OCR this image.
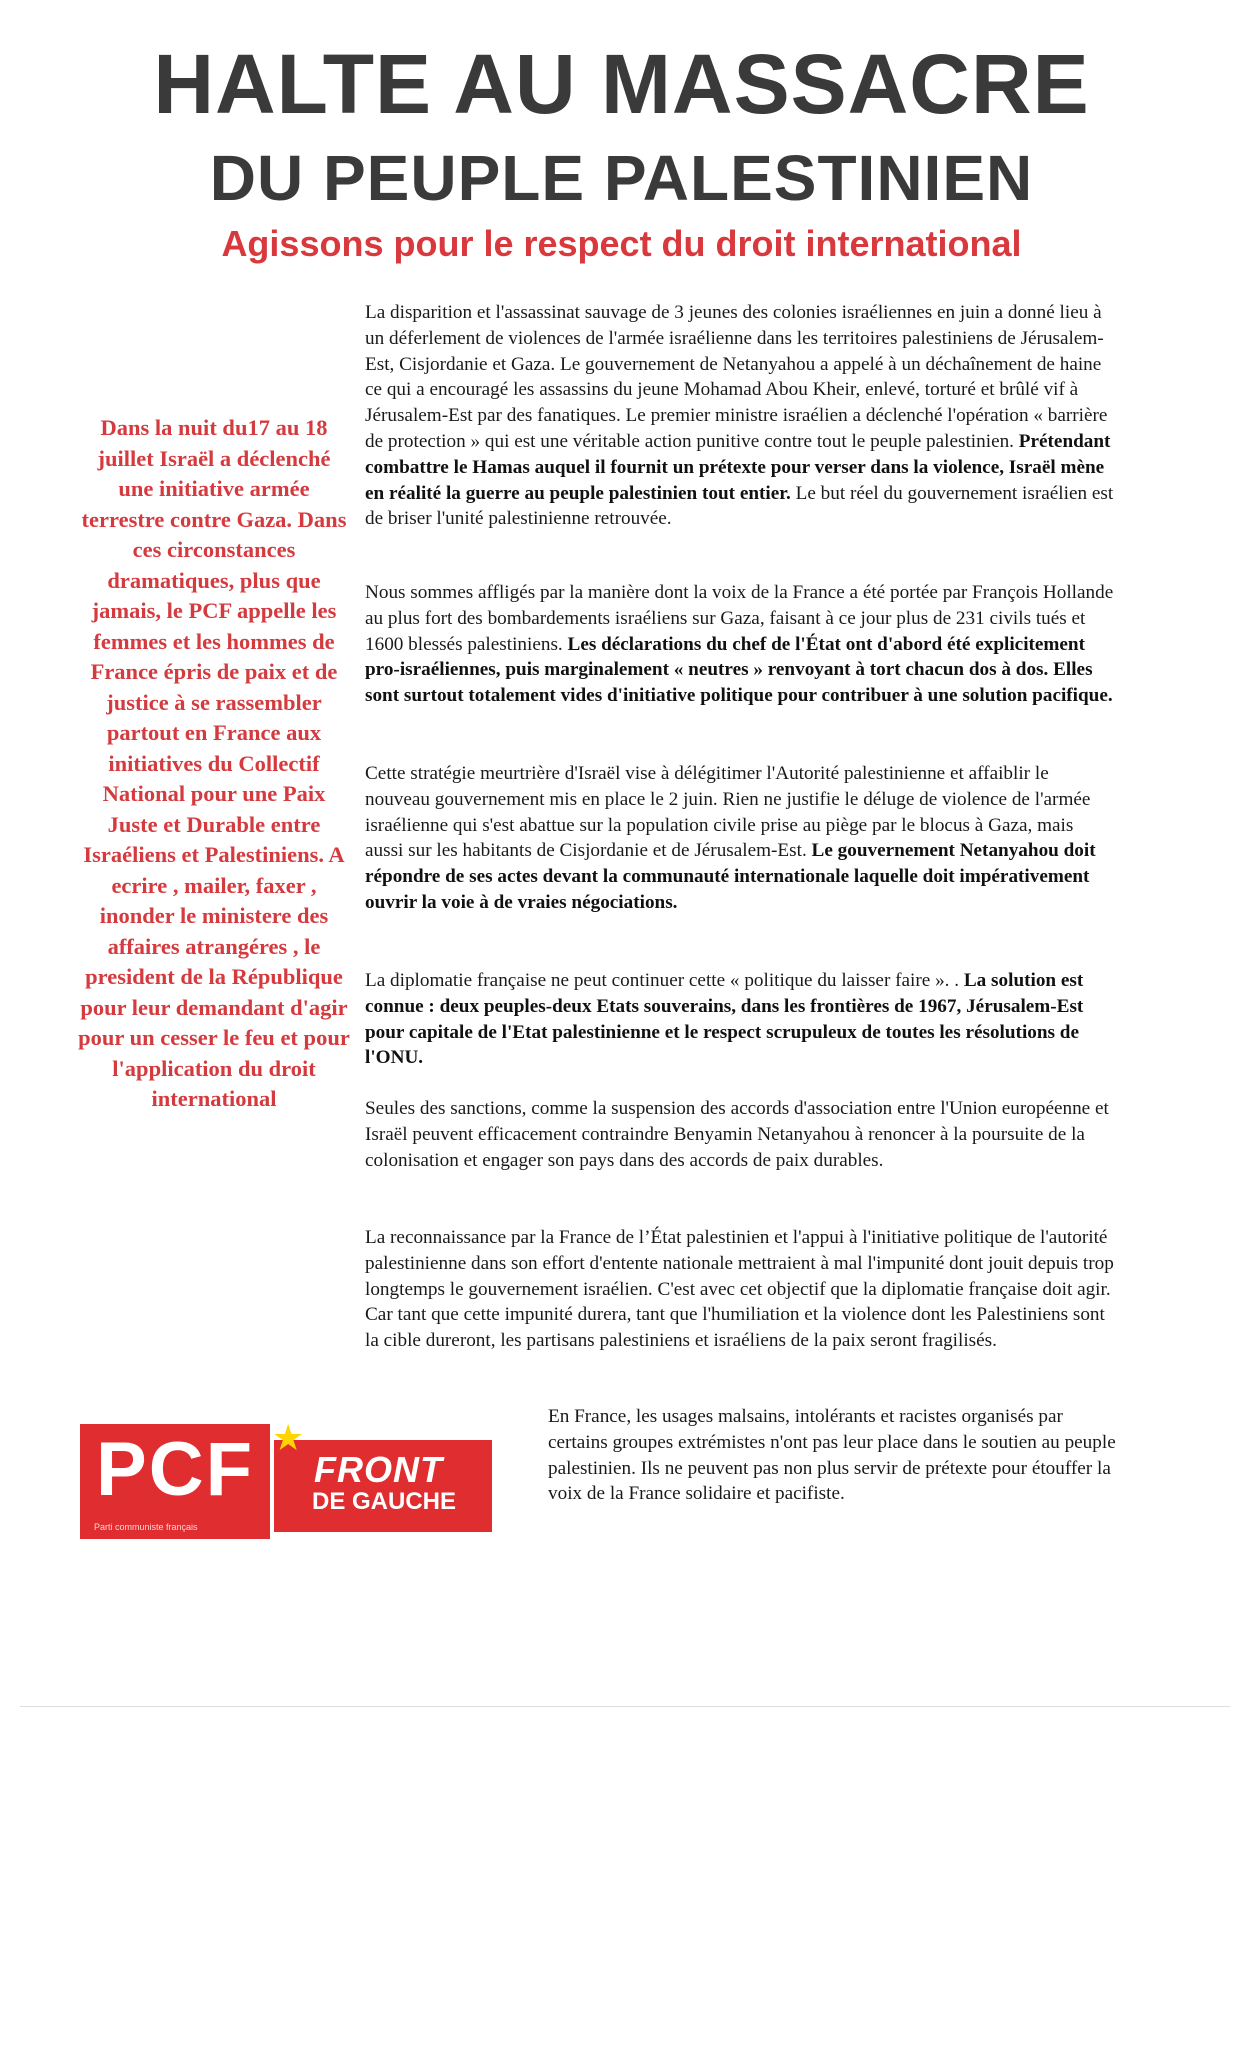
HALTE AU MASSACRE
DU PEUPLE PALESTINIEN
Agissons pour le respect du droit international

Dans la nuit du17 au 18 juillet Israël a déclenché une initiative armée terrestre contre Gaza. Dans ces circonstances dramatiques, plus que jamais, le PCF appelle les femmes et les hommes de France épris de paix et de justice à se rassembler partout en France aux initiatives du Collectif National pour une Paix Juste et Durable entre Israéliens et Palestiniens. A ecrire , mailer, faxer , inonder le ministere des affaires atrangéres , le president de la République pour leur demandant d'agir pour un cesser le feu et pour l'application du droit international

La disparition et l'assassinat sauvage de 3 jeunes des colonies israéliennes en juin a donné lieu à un déferlement de violences de l'armée israélienne dans les territoires palestiniens de Jérusalem-Est, Cisjordanie et Gaza. Le gouvernement de Netanyahou a appelé à un déchaînement de haine ce qui a encouragé les assassins du jeune Mohamad Abou Kheir, enlevé, torturé et brûlé vif à Jérusalem-Est par des fanatiques. Le premier ministre israélien a déclenché l'opération « barrière de protection » qui est une véritable action punitive contre tout le peuple palestinien. Prétendant combattre le Hamas auquel il fournit un prétexte pour verser dans la violence, Israël mène en réalité la guerre au peuple palestinien tout entier. Le but réel du gouvernement israélien est de briser l'unité palestinienne retrouvée.

Nous sommes affligés par la manière dont la voix de la France a été portée par François Hollande au plus fort des bombardements israéliens sur Gaza, faisant à ce jour plus de 231 civils tués et 1600 blessés palestiniens. Les déclarations du chef de l'État ont d'abord été explicitement pro-israéliennes, puis marginalement « neutres » renvoyant à tort chacun dos à dos. Elles sont surtout totalement vides d'initiative politique pour contribuer à une solution pacifique.

Cette stratégie meurtrière d'Israël vise à délégitimer l'Autorité palestinienne et affaiblir le nouveau gouvernement mis en place le 2 juin. Rien ne justifie le déluge de violence de l'armée israélienne qui s'est abattue sur la population civile prise au piège par le blocus à Gaza, mais aussi sur les habitants de Cisjordanie et de Jérusalem-Est. Le gouvernement Netanyahou doit répondre de ses actes devant la communauté internationale laquelle doit impérativement ouvrir la voie à de vraies négociations.

La diplomatie française ne peut continuer cette « politique du laisser faire ». . La solution est connue : deux peuples-deux Etats souverains, dans les frontières de 1967, Jérusalem-Est pour capitale de l'Etat palestinienne et le respect scrupuleux de toutes les résolutions de l'ONU.

Seules des sanctions, comme la suspension des accords d'association entre l'Union européenne et Israël peuvent efficacement contraindre Benyamin Netanyahou à renoncer à la poursuite de la colonisation et engager son pays dans des accords de paix durables.

La reconnaissance par la France de l’État palestinien et l'appui à l'initiative politique de l'autorité palestinienne dans son effort d'entente nationale mettraient à mal l'impunité dont jouit depuis trop longtemps le gouvernement israélien. C'est avec cet objectif que la diplomatie française doit agir. Car tant que cette impunité durera, tant que l'humiliation et la violence dont les Palestiniens sont la cible dureront, les partisans palestiniens et israéliens de la paix seront fragilisés.

En France, les usages malsains, intolérants et racistes organisés par certains groupes extrémistes n'ont pas leur place dans le soutien au peuple palestinien. Ils ne peuvent pas non plus servir de prétexte pour étouffer la voix de la France solidaire et pacifiste.

PCF
Parti communiste français
★
FRONT
DE GAUCHE
